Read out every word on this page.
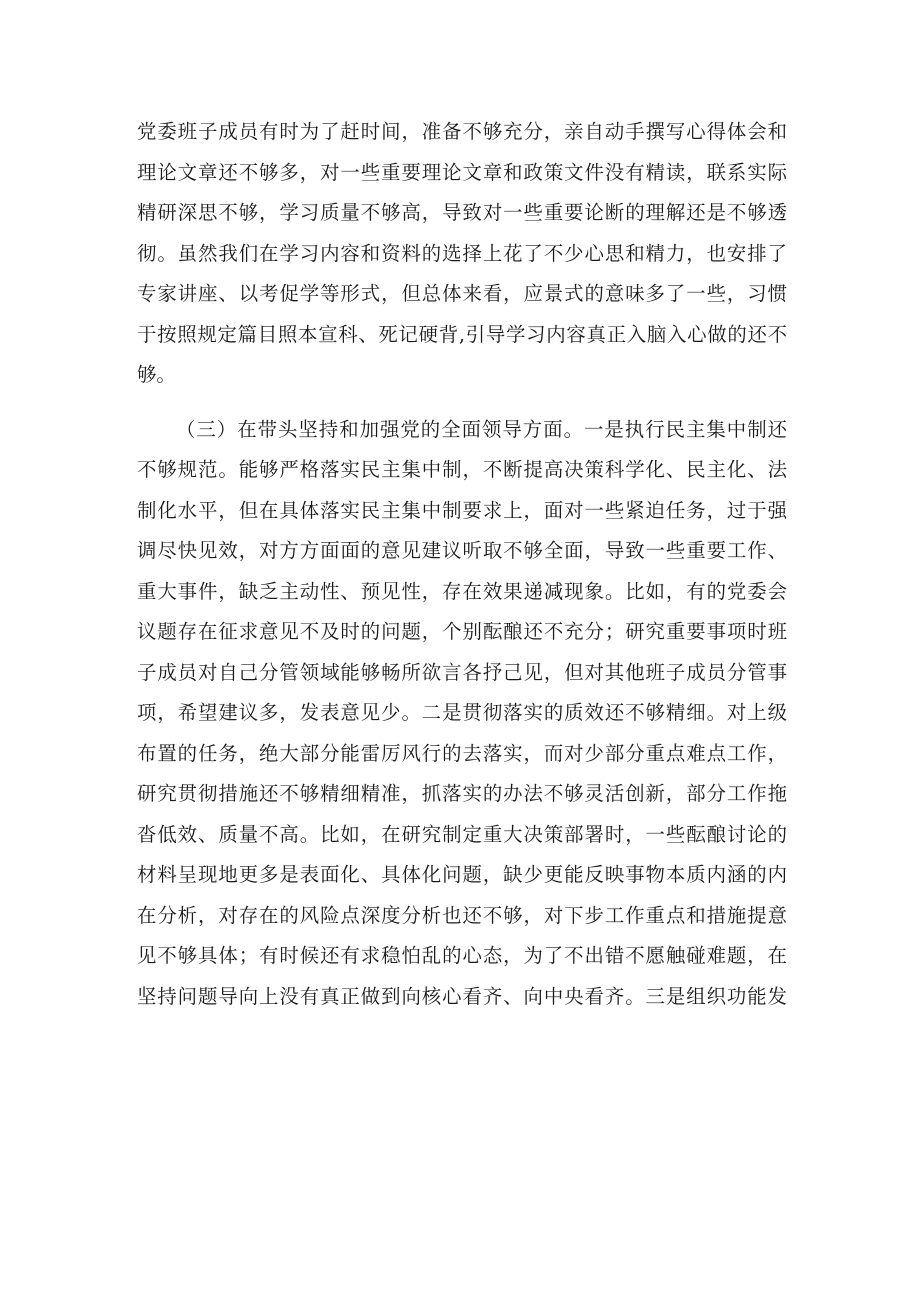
党委班子成员有时为了赶时间，准备不够充分，亲自动手撰写心得体会和
理论文章还不够多，对一些重要理论文章和政策文件没有精读，联系实际
精研深思不够，学习质量不够高，导致对一些重要论断的理解还是不够透
彻。虽然我们在学习内容和资料的选择上花了不少心思和精力，也安排了
专家讲座、以考促学等形式，但总体来看，应景式的意味多了一些，习惯
于按照规定篇目照本宣科、死记硬背,引导学习内容真正入脑入心做的还不
够。
（三）在带头坚持和加强党的全面领导方面。一是执行民主集中制还
不够规范。能够严格落实民主集中制，不断提高决策科学化、民主化、法
制化水平，但在具体落实民主集中制要求上，面对一些紧迫任务，过于强
调尽快见效，对方方面面的意见建议听取不够全面，导致一些重要工作、
重大事件，缺乏主动性、预见性，存在效果递减现象。比如，有的党委会
议题存在征求意见不及时的问题，个别酝酿还不充分；研究重要事项时班
子成员对自己分管领域能够畅所欲言各抒己见，但对其他班子成员分管事
项，希望建议多，发表意见少。二是贯彻落实的质效还不够精细。对上级
布置的任务，绝大部分能雷厉风行的去落实，而对少部分重点难点工作，
研究贯彻措施还不够精细精准，抓落实的办法不够灵活创新，部分工作拖
沓低效、质量不高。比如，在研究制定重大决策部署时，一些酝酿讨论的
材料呈现地更多是表面化、具体化问题，缺少更能反映事物本质内涵的内
在分析，对存在的风险点深度分析也还不够，对下步工作重点和措施提意
见不够具体；有时候还有求稳怕乱的心态，为了不出错不愿触碰难题，在
坚持问题导向上没有真正做到向核心看齐、向中央看齐。三是组织功能发
